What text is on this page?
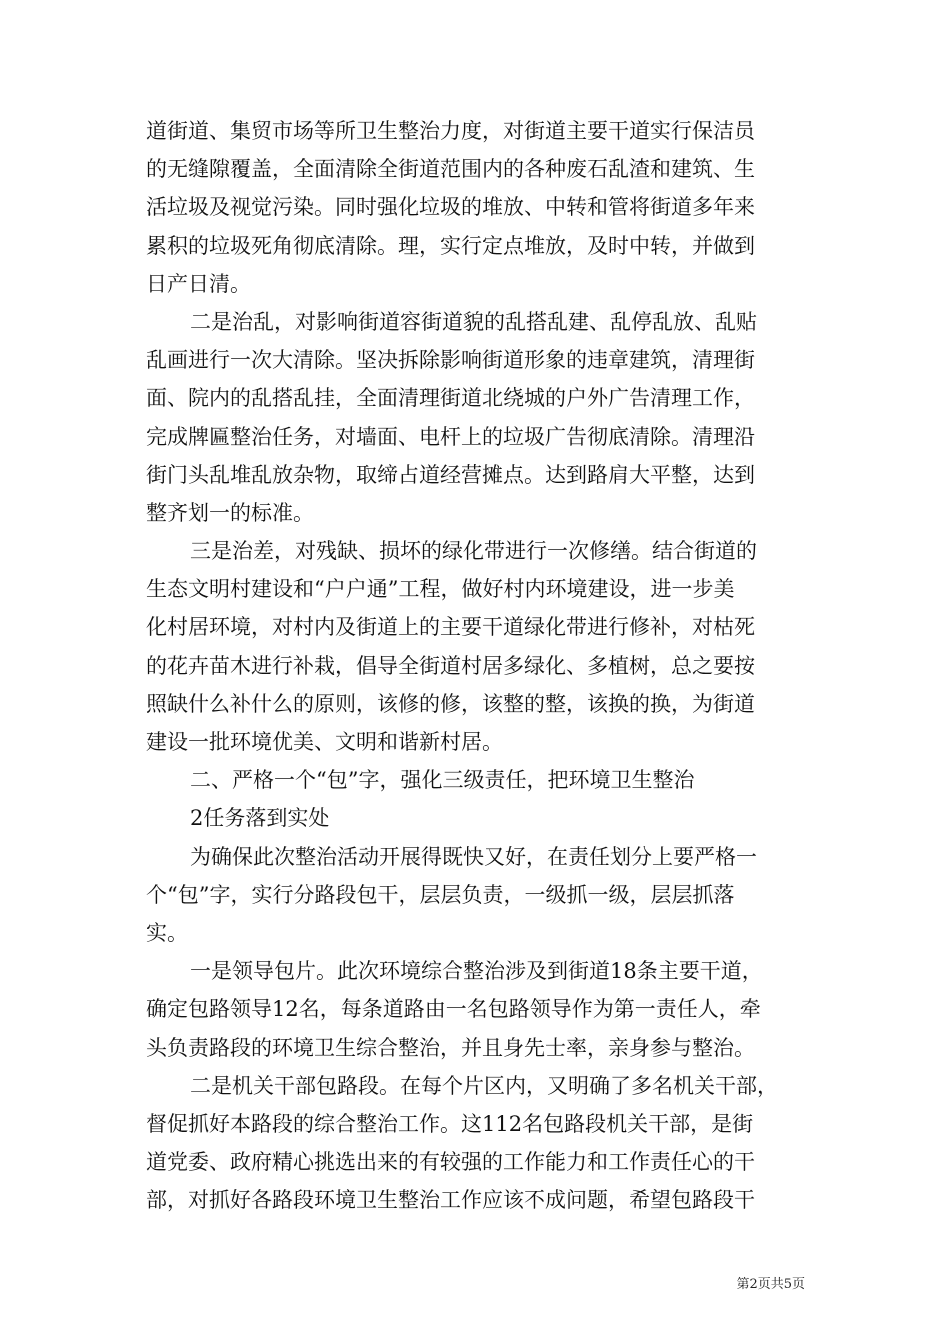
道街道、集贸市场等所卫生整治力度，对街道主要干道实行保洁员
的无缝隙覆盖，全面清除全街道范围内的各种废石乱渣和建筑、生
活垃圾及视觉污染。同时强化垃圾的堆放、中转和管将街道多年来
累积的垃圾死角彻底清除。理，实行定点堆放，及时中转，并做到
日产日清。
二是治乱，对影响街道容街道貌的乱搭乱建、乱停乱放、乱贴
乱画进行一次大清除。坚决拆除影响街道形象的违章建筑，清理街
面、院内的乱搭乱挂，全面清理街道北绕城的户外广告清理工作，
完成牌匾整治任务，对墙面、电杆上的垃圾广告彻底清除。清理沿
街门头乱堆乱放杂物，取缔占道经营摊点。达到路肩大平整，达到
整齐划一的标准。
三是治差，对残缺、损坏的绿化带进行一次修缮。结合街道的
生态文明村建设和“户户通”工程，做好村内环境建设，进一步美
化村居环境，对村内及街道上的主要干道绿化带进行修补，对枯死
的花卉苗木进行补栽，倡导全街道村居多绿化、多植树，总之要按
照缺什么补什么的原则，该修的修，该整的整，该换的换，为街道
建设一批环境优美、文明和谐新村居。
二、严格一个“包”字，强化三级责任，把环境卫生整治
2任务落到实处
为确保此次整治活动开展得既快又好，在责任划分上要严格一
个“包”字，实行分路段包干，层层负责，一级抓一级，层层抓落
实。
一是领导包片。此次环境综合整治涉及到街道18条主要干道，
确定包路领导12名，每条道路由一名包路领导作为第一责任人，牵
头负责路段的环境卫生综合整治，并且身先士率，亲身参与整治。
二是机关干部包路段。在每个片区内，又明确了多名机关干部，
督促抓好本路段的综合整治工作。这112名包路段机关干部，是街
道党委、政府精心挑选出来的有较强的工作能力和工作责任心的干
部，对抓好各路段环境卫生整治工作应该不成问题，希望包路段干
第2页共5页
